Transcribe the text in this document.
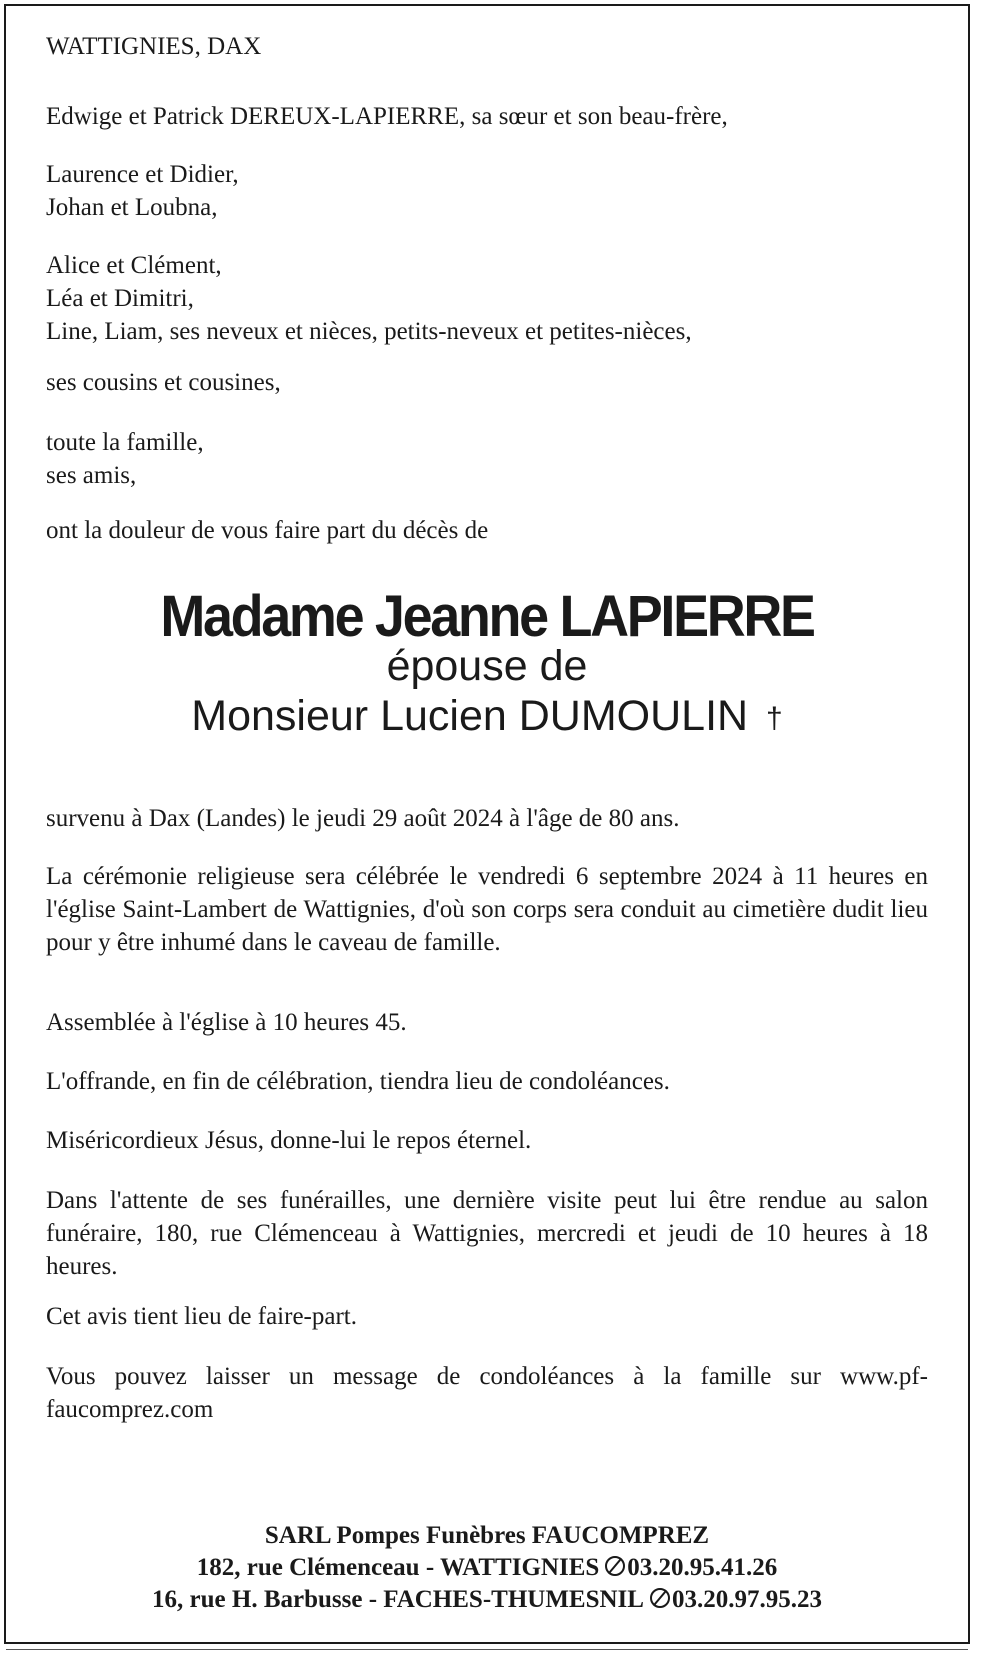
WATTIGNIES, DAX

Edwige et Patrick DEREUX-LAPIERRE, sa sœur et son beau-frère,

Laurence et Didier,

Johan et Loubna,

Alice et Clément,

Léa et Dimitri,

Line, Liam, ses neveux et nièces, petits-neveux et petites-nièces,

ses cousins et cousines,

toute la famille,

ses amis,

ont la douleur de vous faire part du décès de

Madame Jeanne LAPIERRE
épouse de
Monsieur Lucien DUMOULIN †

survenu à Dax (Landes) le jeudi 29 août 2024 à l'âge de 80 ans.

La cérémonie religieuse sera célébrée le vendredi 6 septembre 2024 à 11 heures en l'église Saint-Lambert de Wattignies, d'où son corps sera conduit au cimetière dudit lieu pour y être inhumé dans le caveau de famille.

Assemblée à l'église à 10 heures 45.

L'offrande, en fin de célébration, tiendra lieu de condoléances.

Miséricordieux Jésus, donne-lui le repos éternel.

Dans l'attente de ses funérailles, une dernière visite peut lui être rendue au salon funéraire, 180, rue Clémenceau à Wattignies, mercredi et jeudi de 10 heures à 18 heures.

Cet avis tient lieu de faire-part.

Vous pouvez laisser un message de condoléances à la famille sur www.pf-faucomprez.com

SARL Pompes Funèbres FAUCOMPREZ
182, rue Clémenceau - WATTIGNIES 03.20.95.41.26
16, rue H. Barbusse - FACHES-THUMESNIL 03.20.97.95.23
